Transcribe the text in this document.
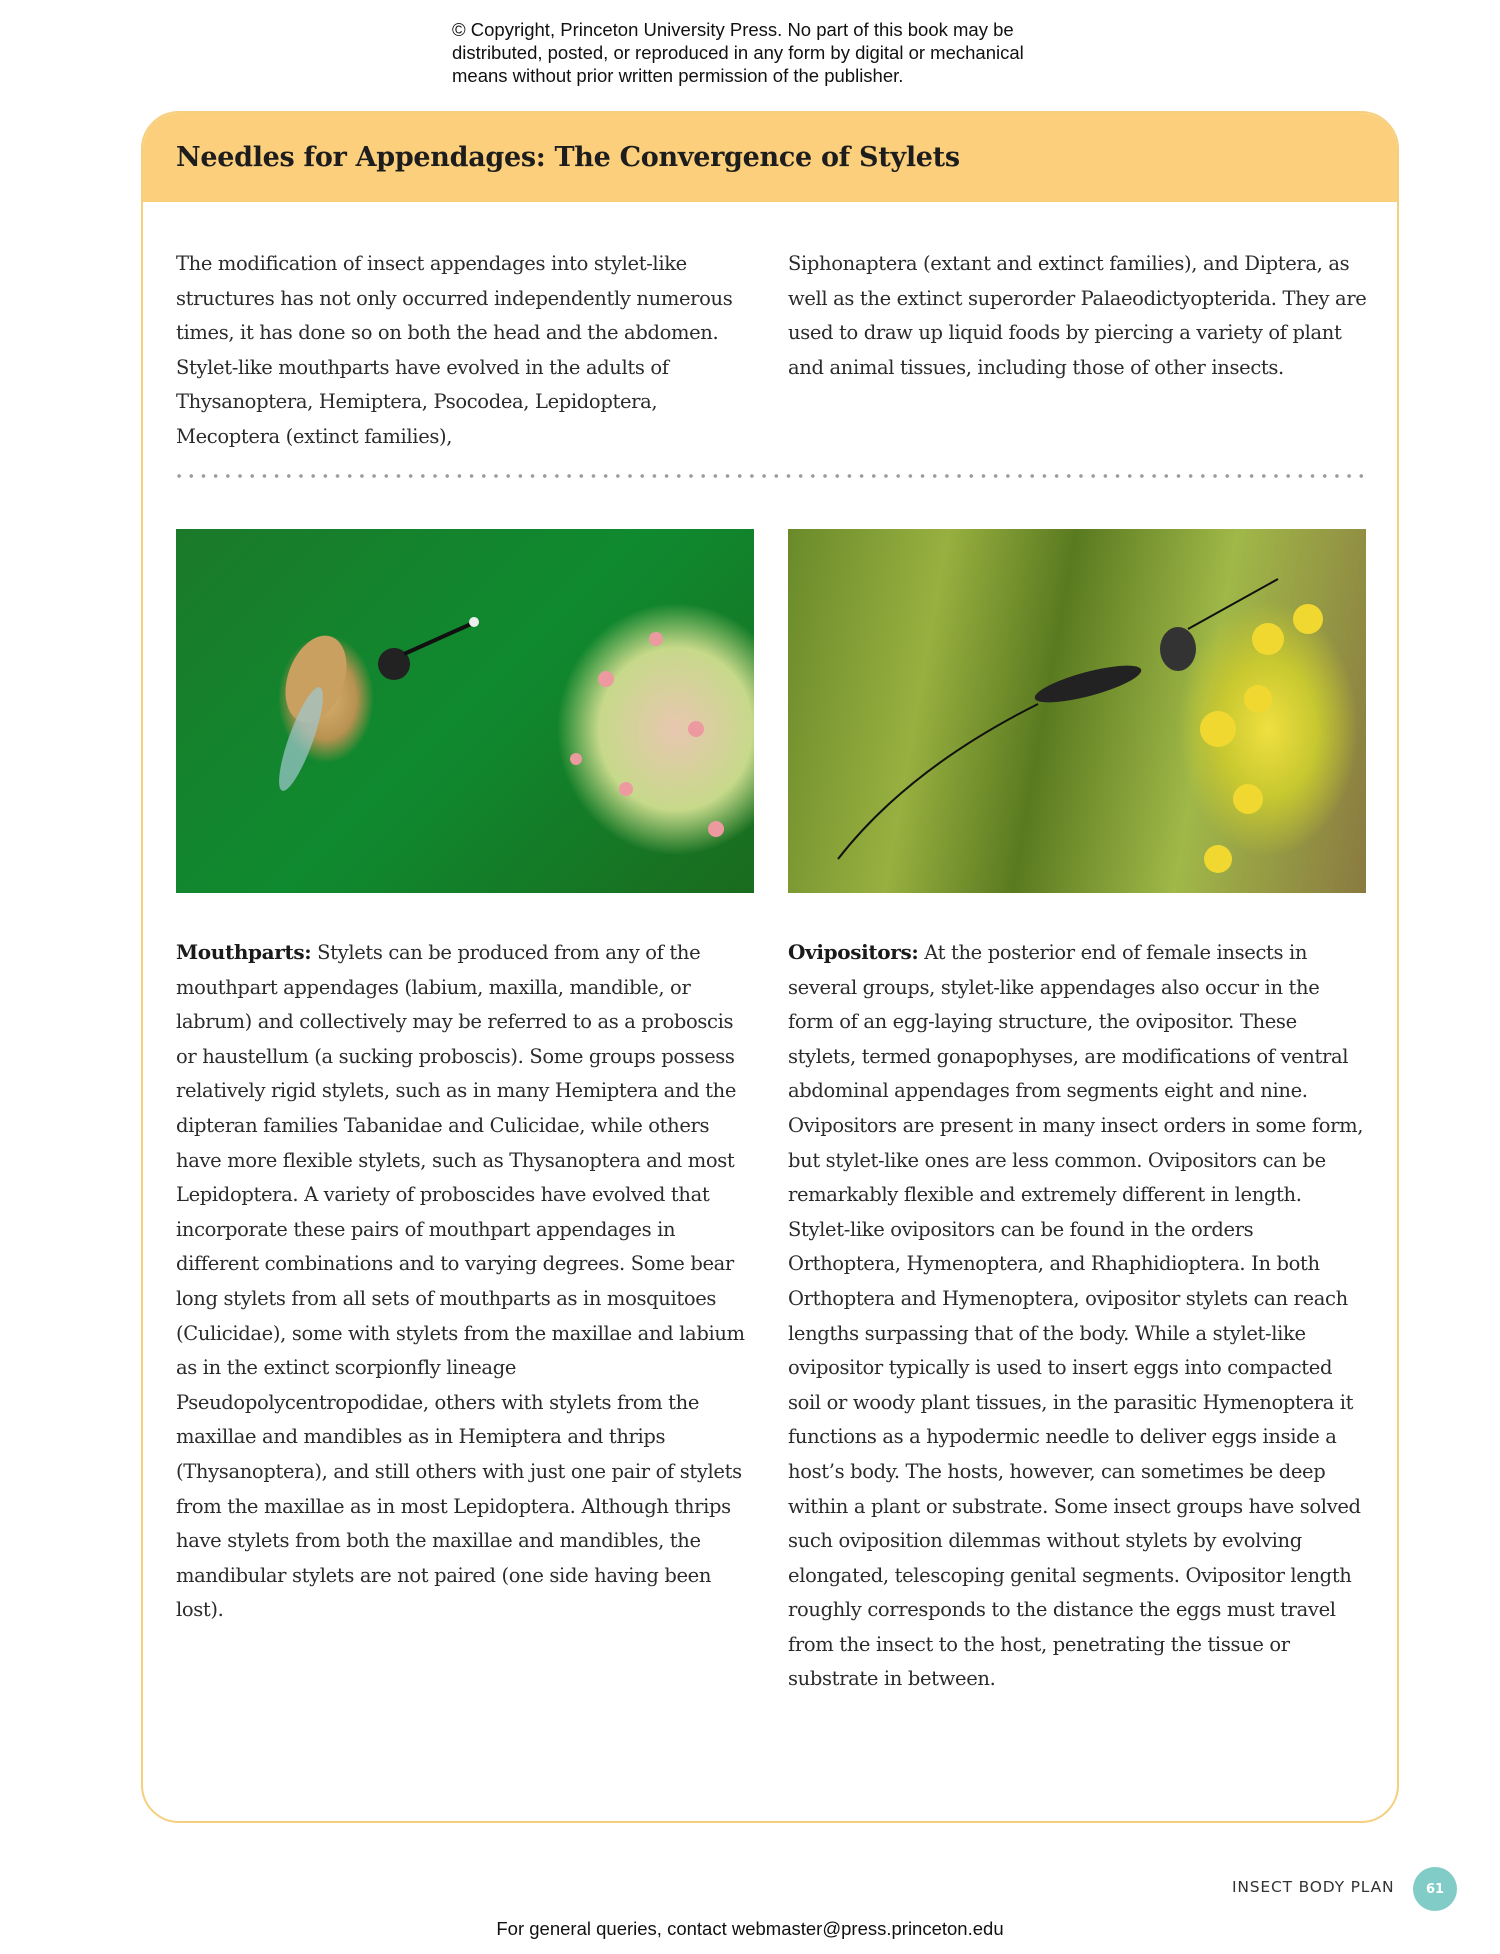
© Copyright, Princeton University Press. No part of this book may be distributed, posted, or reproduced in any form by digital or mechanical means without prior written permission of the publisher.
Needles for Appendages: The Convergence of Stylets

The modification of insect appendages into stylet-like structures has not only occurred independently numerous times, it has done so on both the head and the abdomen. Stylet-like mouthparts have evolved in the adults of Thysanoptera, Hemiptera, Psocodea, Lepidoptera, Mecoptera (extinct families),

Siphonaptera (extant and extinct families), and Diptera, as well as the extinct superorder Palaeodictyopterida. They are used to draw up liquid foods by piercing a variety of plant and animal tissues, including those of other insects.

Mouthparts: Stylets can be produced from any of the mouthpart appendages (labium, maxilla, mandible, or labrum) and collectively may be referred to as a proboscis or haustellum (a sucking proboscis). Some groups possess relatively rigid stylets, such as in many Hemiptera and the dipteran families Tabanidae and Culicidae, while others have more flexible stylets, such as Thysanoptera and most Lepidoptera. A variety of proboscides have evolved that incorporate these pairs of mouthpart appendages in different combinations and to varying degrees. Some bear long stylets from all sets of mouthparts as in mosquitoes (Culicidae), some with stylets from the maxillae and labium as in the extinct scorpionfly lineage Pseudopolycentropodidae, others with stylets from the maxillae and mandibles as in Hemiptera and thrips (Thysanoptera), and still others with just one pair of stylets from the maxillae as in most Lepidoptera. Although thrips have stylets from both the maxillae and mandibles, the mandibular stylets are not paired (one side having been lost).

Ovipositors: At the posterior end of female insects in several groups, stylet-like appendages also occur in the form of an egg-laying structure, the ovipositor. These stylets, termed gonapophyses, are modifications of ventral abdominal appendages from segments eight and nine. Ovipositors are present in many insect orders in some form, but stylet-like ones are less common. Ovipositors can be remarkably flexible and extremely different in length. Stylet-like ovipositors can be found in the orders Orthoptera, Hymenoptera, and Rhaphidioptera. In both Orthoptera and Hymenoptera, ovipositor stylets can reach lengths surpassing that of the body. While a stylet-like ovipositor typically is used to insert eggs into compacted soil or woody plant tissues, in the parasitic Hymenoptera it functions as a hypodermic needle to deliver eggs inside a host’s body. The hosts, however, can sometimes be deep within a plant or substrate. Some insect groups have solved such oviposition dilemmas without stylets by evolving elongated, telescoping genital segments. Ovipositor length roughly corresponds to the distance the eggs must travel from the insect to the host, penetrating the tissue or substrate in between.

INSECT BODY PLAN	61
For general queries, contact webmaster@press.princeton.edu
